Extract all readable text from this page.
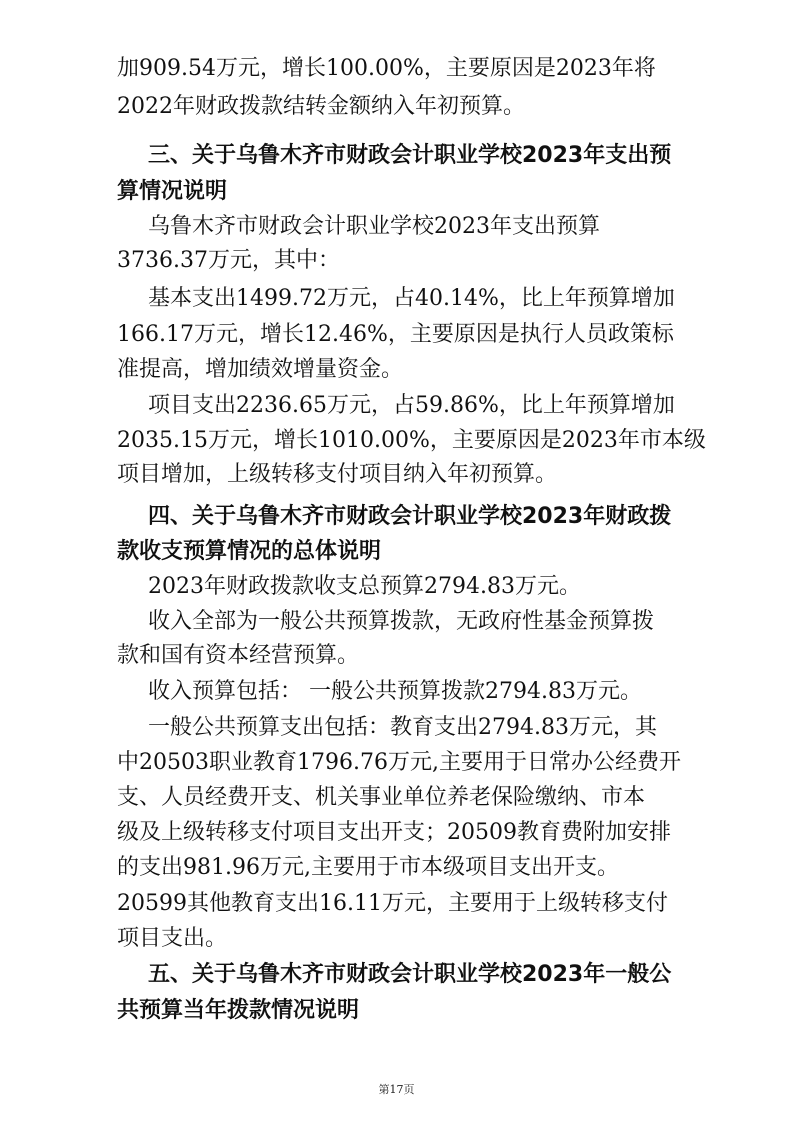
加909.54万元，增长100.00%，主要原因是2023年将
2022年财政拨款结转金额纳入年初预算。
三、关于乌鲁木齐市财政会计职业学校2023年支出预
算情况说明
乌鲁木齐市财政会计职业学校2023年支出预算
3736.37万元，其中：
基本支出1499.72万元，占40.14%，比上年预算增加
166.17万元，增长12.46%，主要原因是执行人员政策标
准提高，增加绩效增量资金。
项目支出2236.65万元，占59.86%，比上年预算增加
2035.15万元，增长1010.00%，主要原因是2023年市本级
项目增加，上级转移支付项目纳入年初预算。
四、关于乌鲁木齐市财政会计职业学校2023年财政拨
款收支预算情况的总体说明
2023年财政拨款收支总预算2794.83万元。
收入全部为一般公共预算拨款，无政府性基金预算拨
款和国有资本经营预算。
收入预算包括： 一般公共预算拨款2794.83万元。
一般公共预算支出包括：教育支出2794.83万元，其
中20503职业教育1796.76万元,主要用于日常办公经费开
支、人员经费开支、机关事业单位养老保险缴纳、市本
级及上级转移支付项目支出开支；20509教育费附加安排
的支出981.96万元,主要用于市本级项目支出开支。
20599其他教育支出16.11万元，主要用于上级转移支付
项目支出。
五、关于乌鲁木齐市财政会计职业学校2023年一般公
共预算当年拨款情况说明
第17页
